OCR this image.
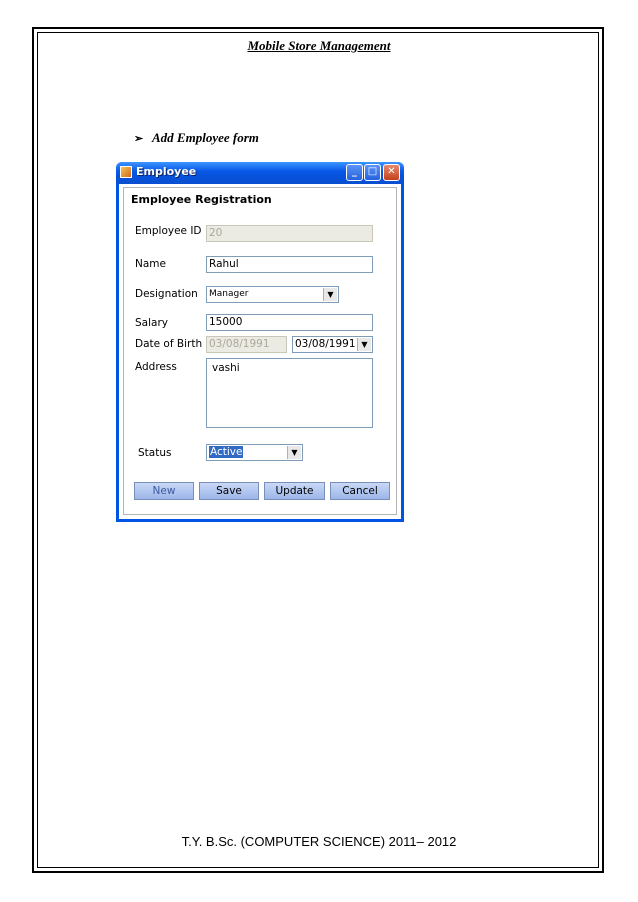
Mobile Store Management
➢ Add Employee form
Employee	_	□	✕
Employee Registration
Employee ID 20
Name	Rahul
Designation	Manager	▼
Salary	15000
Date of Birth 03/08/1991	03/08/1991 ▼
Address	vashi
Status	Active	▼
New	Save	Update	Cancel
T.Y. B.Sc. (COMPUTER SCIENCE) 2011– 2012
